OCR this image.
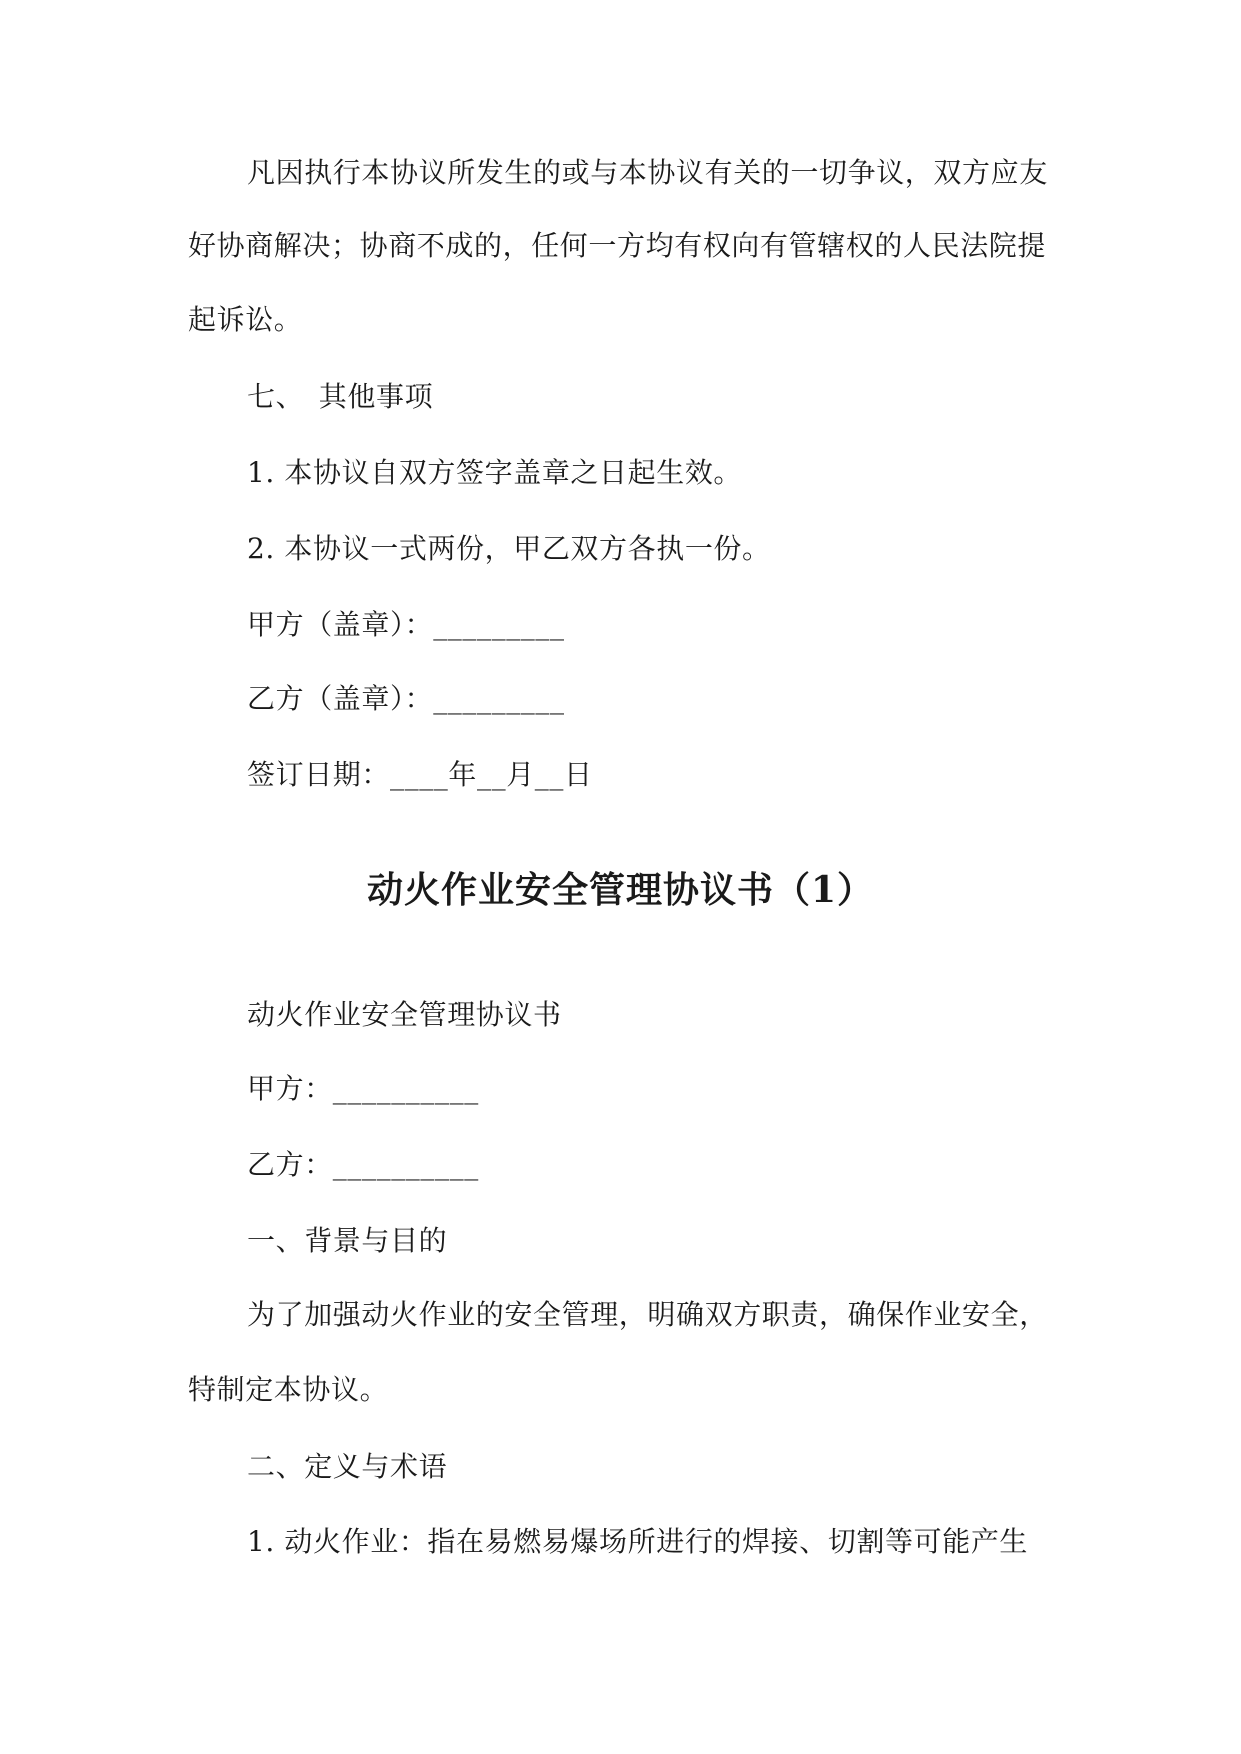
凡因执行本协议所发生的或与本协议有关的一切争议，双方应友
好协商解决；协商不成的，任何一方均有权向有管辖权的人民法院提
起诉讼。
七、　其他事项
1. 本协议自双方签字盖章之日起生效。
2. 本协议一式两份，甲乙双方各执一份。
甲方（盖章）：_________
乙方（盖章）：_________
签订日期：____年__月__日
动火作业安全管理协议书（1）
动火作业安全管理协议书
甲方：__________
乙方：__________
一、背景与目的
为了加强动火作业的安全管理，明确双方职责，确保作业安全，
特制定本协议。
二、定义与术语
1. 动火作业：指在易燃易爆场所进行的焊接、切割等可能产生
